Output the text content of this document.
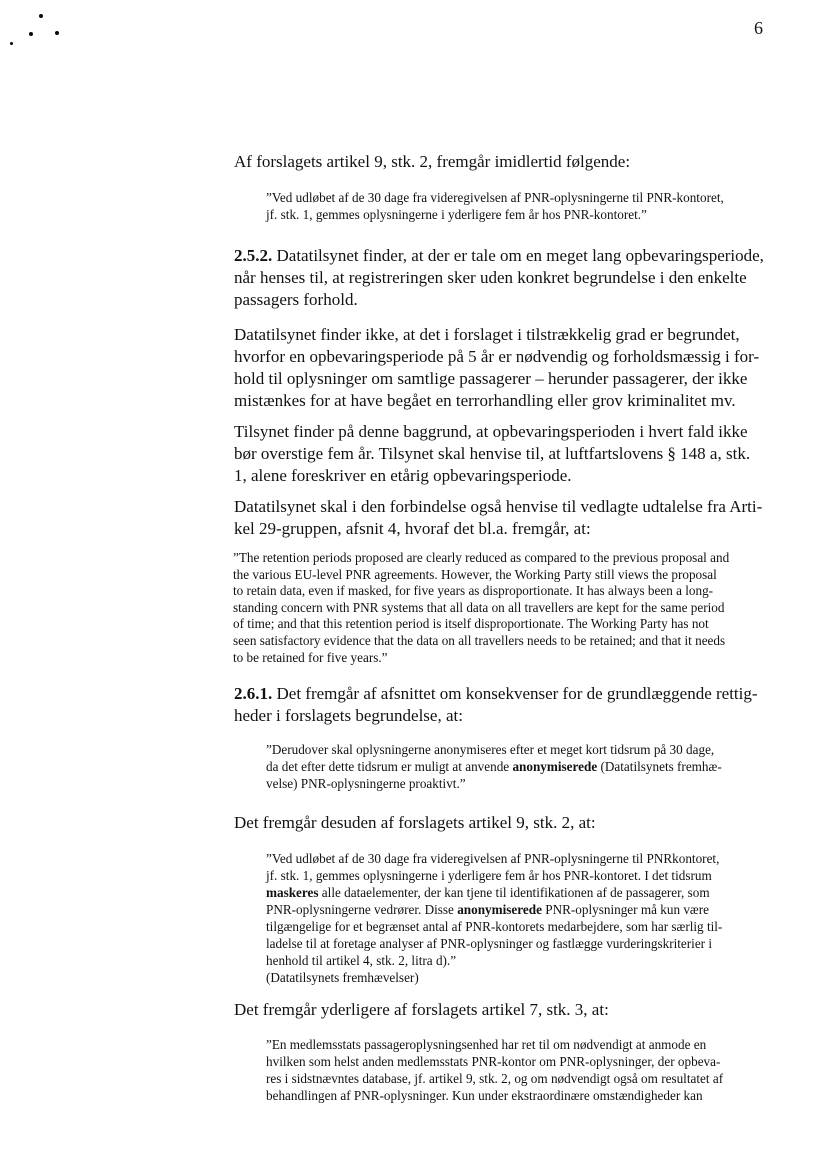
6
Af forslagets artikel 9, stk. 2, fremgår imidlertid følgende:
”Ved udløbet af de 30 dage fra videregivelsen af PNR-oplysningerne til PNR-kontoret,
jf. stk. 1, gemmes oplysningerne i yderligere fem år hos PNR-kontoret.”
2.5.2. Datatilsynet finder, at der er tale om en meget lang opbevaringsperiode,
når henses til, at registreringen sker uden konkret begrundelse i den enkelte
passagers forhold.
Datatilsynet finder ikke, at det i forslaget i tilstrækkelig grad er begrundet,
hvorfor en opbevaringsperiode på 5 år er nødvendig og forholdsmæssig i for-
hold til oplysninger om samtlige passagerer – herunder passagerer, der ikke
mistænkes for at have begået en terrorhandling eller grov kriminalitet mv.
Tilsynet finder på denne baggrund, at opbevaringsperioden i hvert fald ikke
bør overstige fem år. Tilsynet skal henvise til, at luftfartslovens § 148 a, stk.
1, alene foreskriver en etårig opbevaringsperiode.
Datatilsynet skal i den forbindelse også henvise til vedlagte udtalelse fra Arti-
kel 29-gruppen, afsnit 4, hvoraf det bl.a. fremgår, at:
”The retention periods proposed are clearly reduced as compared to the previous proposal and
the various EU-level PNR agreements. However, the Working Party still views the proposal
to retain data, even if masked, for five years as disproportionate. It has always been a long-
standing concern with PNR systems that all data on all travellers are kept for the same period
of time; and that this retention period is itself disproportionate. The Working Party has not
seen satisfactory evidence that the data on all travellers needs to be retained; and that it needs
to be retained for five years.”
2.6.1. Det fremgår af afsnittet om konsekvenser for de grundlæggende rettig-
heder i forslagets begrundelse, at:
”Derudover skal oplysningerne anonymiseres efter et meget kort tidsrum på 30 dage,
da det efter dette tidsrum er muligt at anvende anonymiserede (Datatilsynets fremhæ-
velse) PNR-oplysningerne proaktivt.”
Det fremgår desuden af forslagets artikel 9, stk. 2, at:
”Ved udløbet af de 30 dage fra videregivelsen af PNR-oplysningerne til PNRkontoret,
jf. stk. 1, gemmes oplysningerne i yderligere fem år hos PNR-kontoret. I det tidsrum
maskeres alle dataelementer, der kan tjene til identifikationen af de passagerer, som
PNR-oplysningerne vedrører. Disse anonymiserede PNR-oplysninger må kun være
tilgængelige for et begrænset antal af PNR-kontorets medarbejdere, som har særlig til-
ladelse til at foretage analyser af PNR-oplysninger og fastlægge vurderingskriterier i
henhold til artikel 4, stk. 2, litra d).”
(Datatilsynets fremhævelser)
Det fremgår yderligere af forslagets artikel 7, stk. 3, at:
”En medlemsstats passageroplysningsenhed har ret til om nødvendigt at anmode en
hvilken som helst anden medlemsstats PNR-kontor om PNR-oplysninger, der opbeva-
res i sidstnævntes database, jf. artikel 9, stk. 2, og om nødvendigt også om resultatet af
behandlingen af PNR-oplysninger. Kun under ekstraordinære omstændigheder kan
